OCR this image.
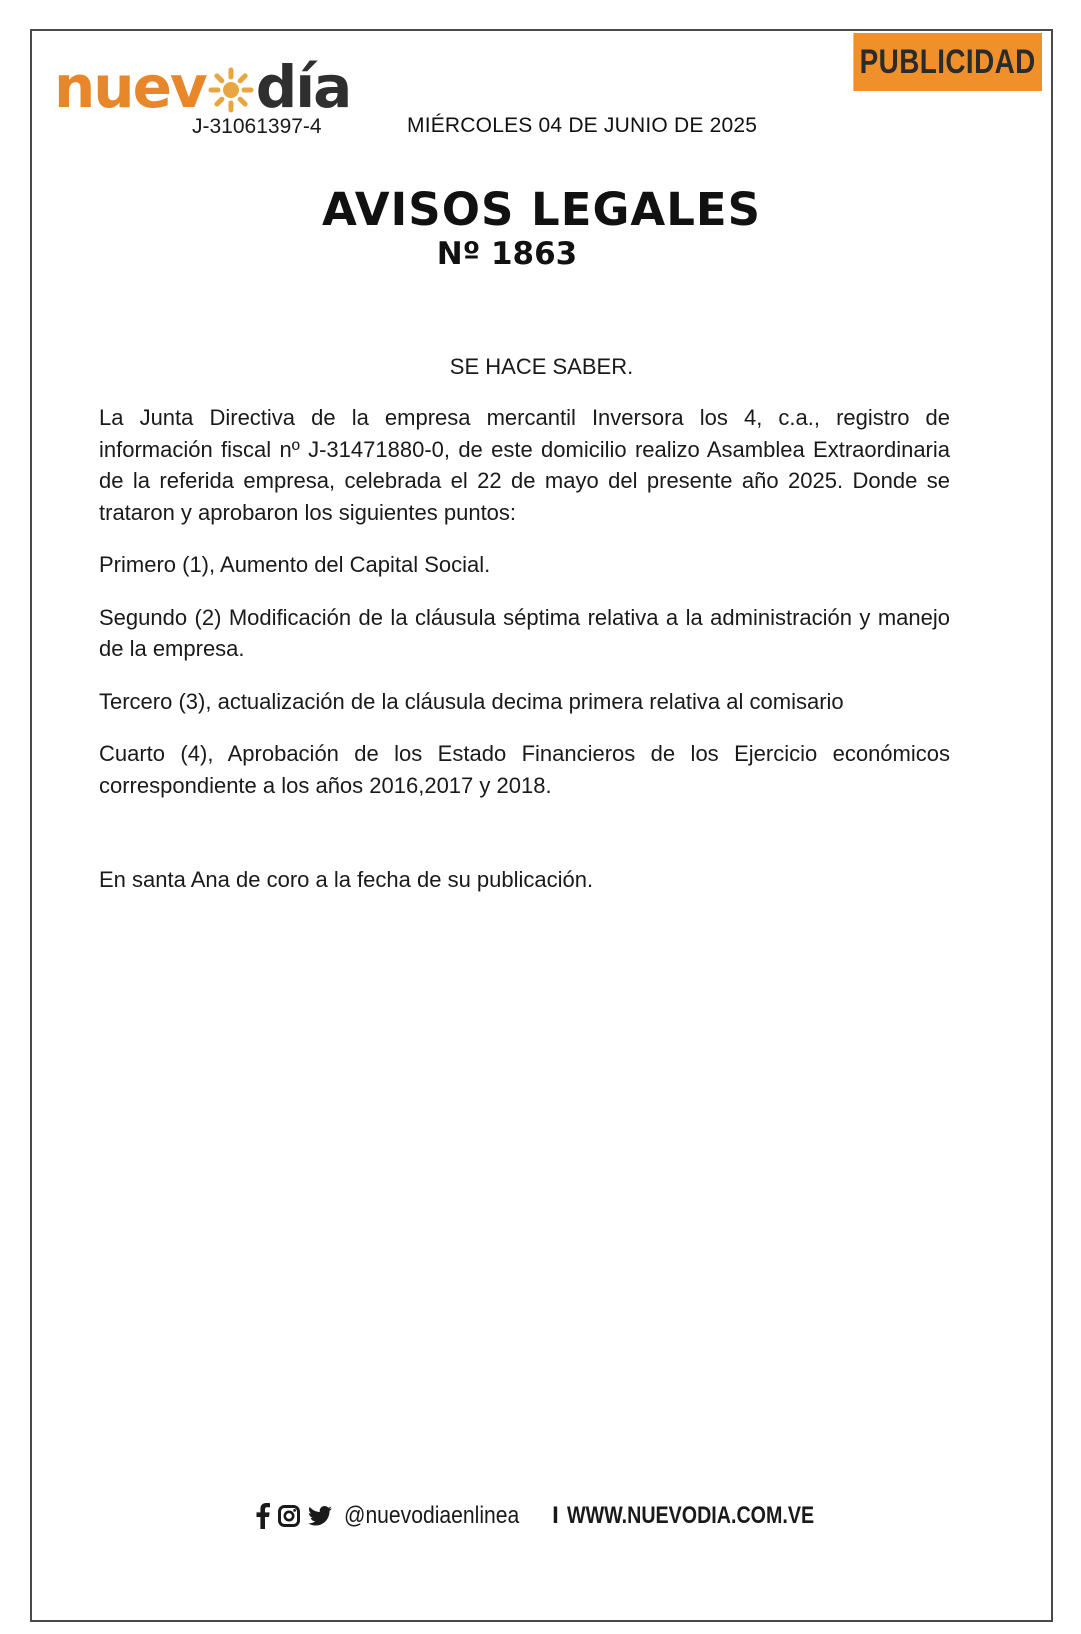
PUBLICIDAD
nuev día
J-31061397-4	MIÉRCOLES 04 DE JUNIO DE 2025
AVISOS LEGALES
Nº 1863
SE HACE SABER.

La Junta Directiva de la empresa mercantil Inversora los 4, c.a., registro de información fiscal nº J-31471880-0, de este domicilio realizo Asamblea Extraordinaria de la referida empresa, celebrada el 22 de mayo del presente año 2025. Donde se trataron y aprobaron los siguientes puntos:

Primero (1), Aumento del Capital Social.

Segundo (2) Modificación de la cláusula séptima relativa a la administración y manejo de la empresa.

Tercero (3), actualización de la cláusula decima primera relativa al comisario

Cuarto (4), Aprobación de los Estado Financieros de los Ejercicio económicos correspondiente a los años 2016,2017 y 2018.

En santa Ana de coro a la fecha de su publicación.

@nuevodiaenlinea I WWW.NUEVODIA.COM.VE
